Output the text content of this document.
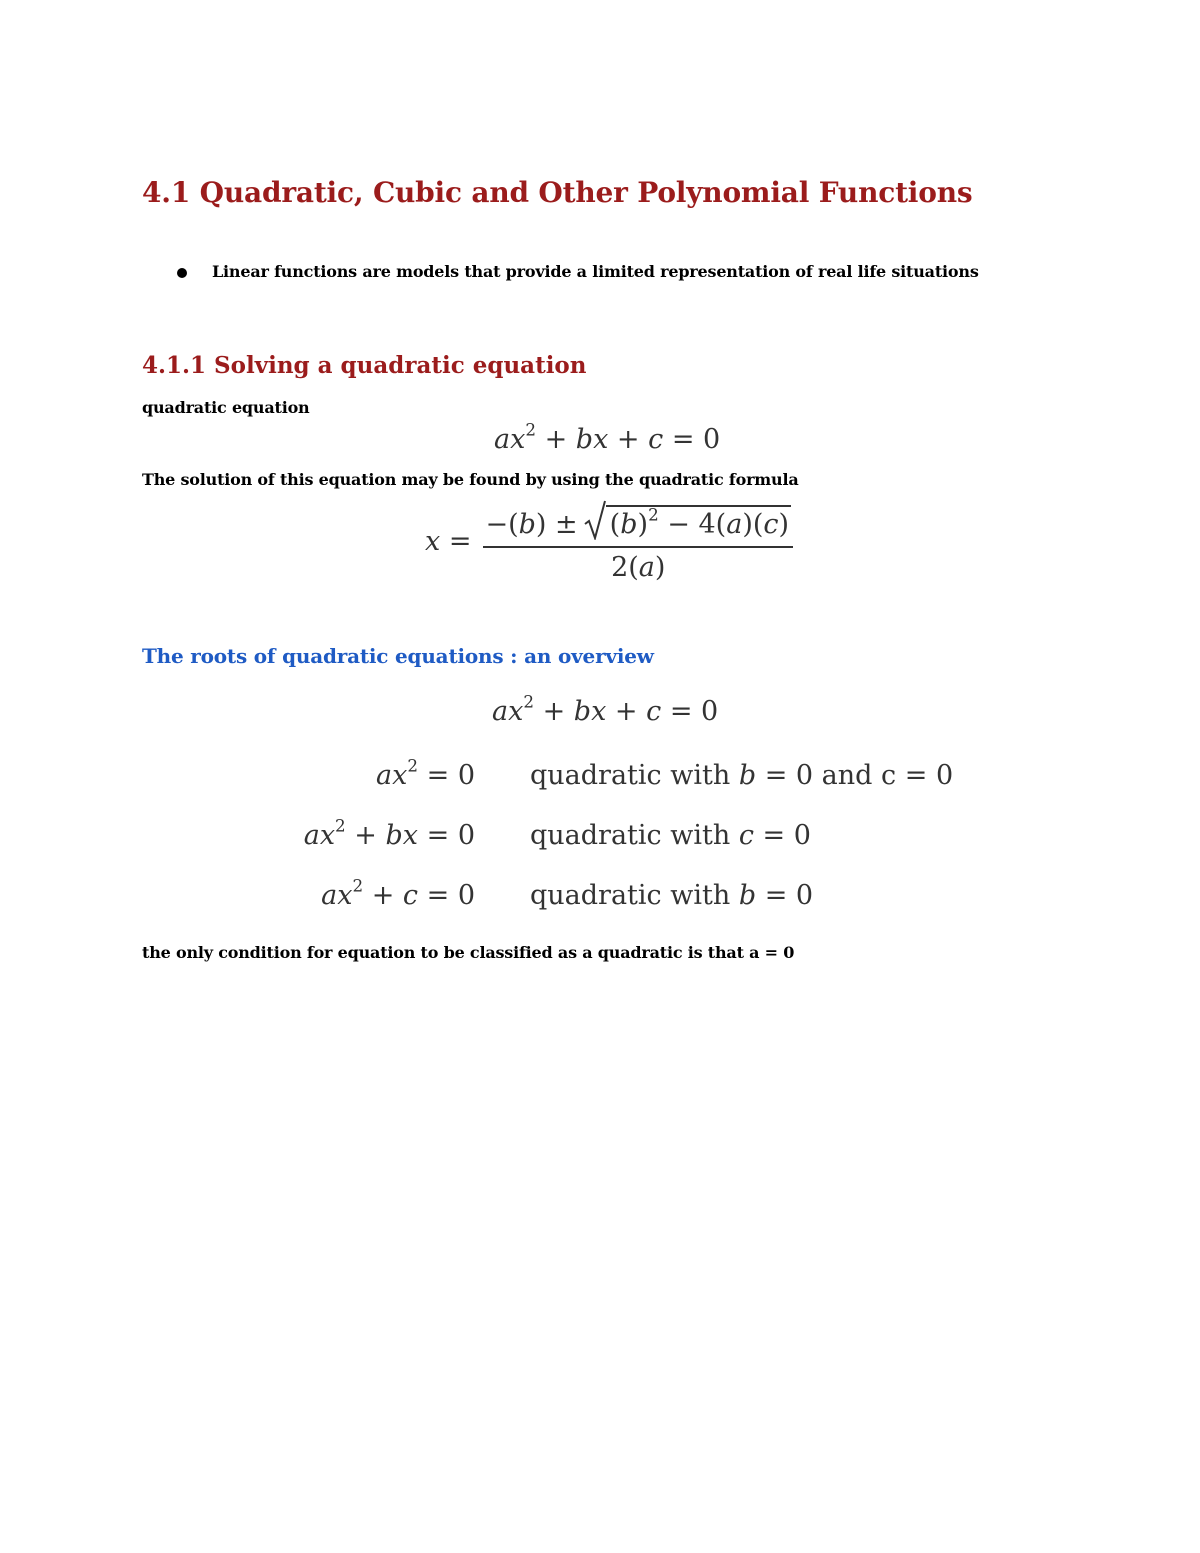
4.1 Quadratic, Cubic and Other Polynomial Functions
Linear functions are models that provide a limited representation of real life situations
4.1.1 Solving a quadratic equation
quadratic equation
$ax^2$ + bx + c = 0
The solution of this equation may be found by using the quadratic formula
x =
−( b ) ± $(b)^2 - 4(a)(c)$
2(a)
The roots of quadratic equations : an overview
$ax^2$ + bx + c = 0
$ax^2 = 0$ quadratic with b = 0 and c = 0
$ax^2$ + bx = 0 quadratic with c = 0
$ax^2 + c = 0$ quadratic with b = 0
the only condition for equation to be classified as a quadratic is that a = 0
